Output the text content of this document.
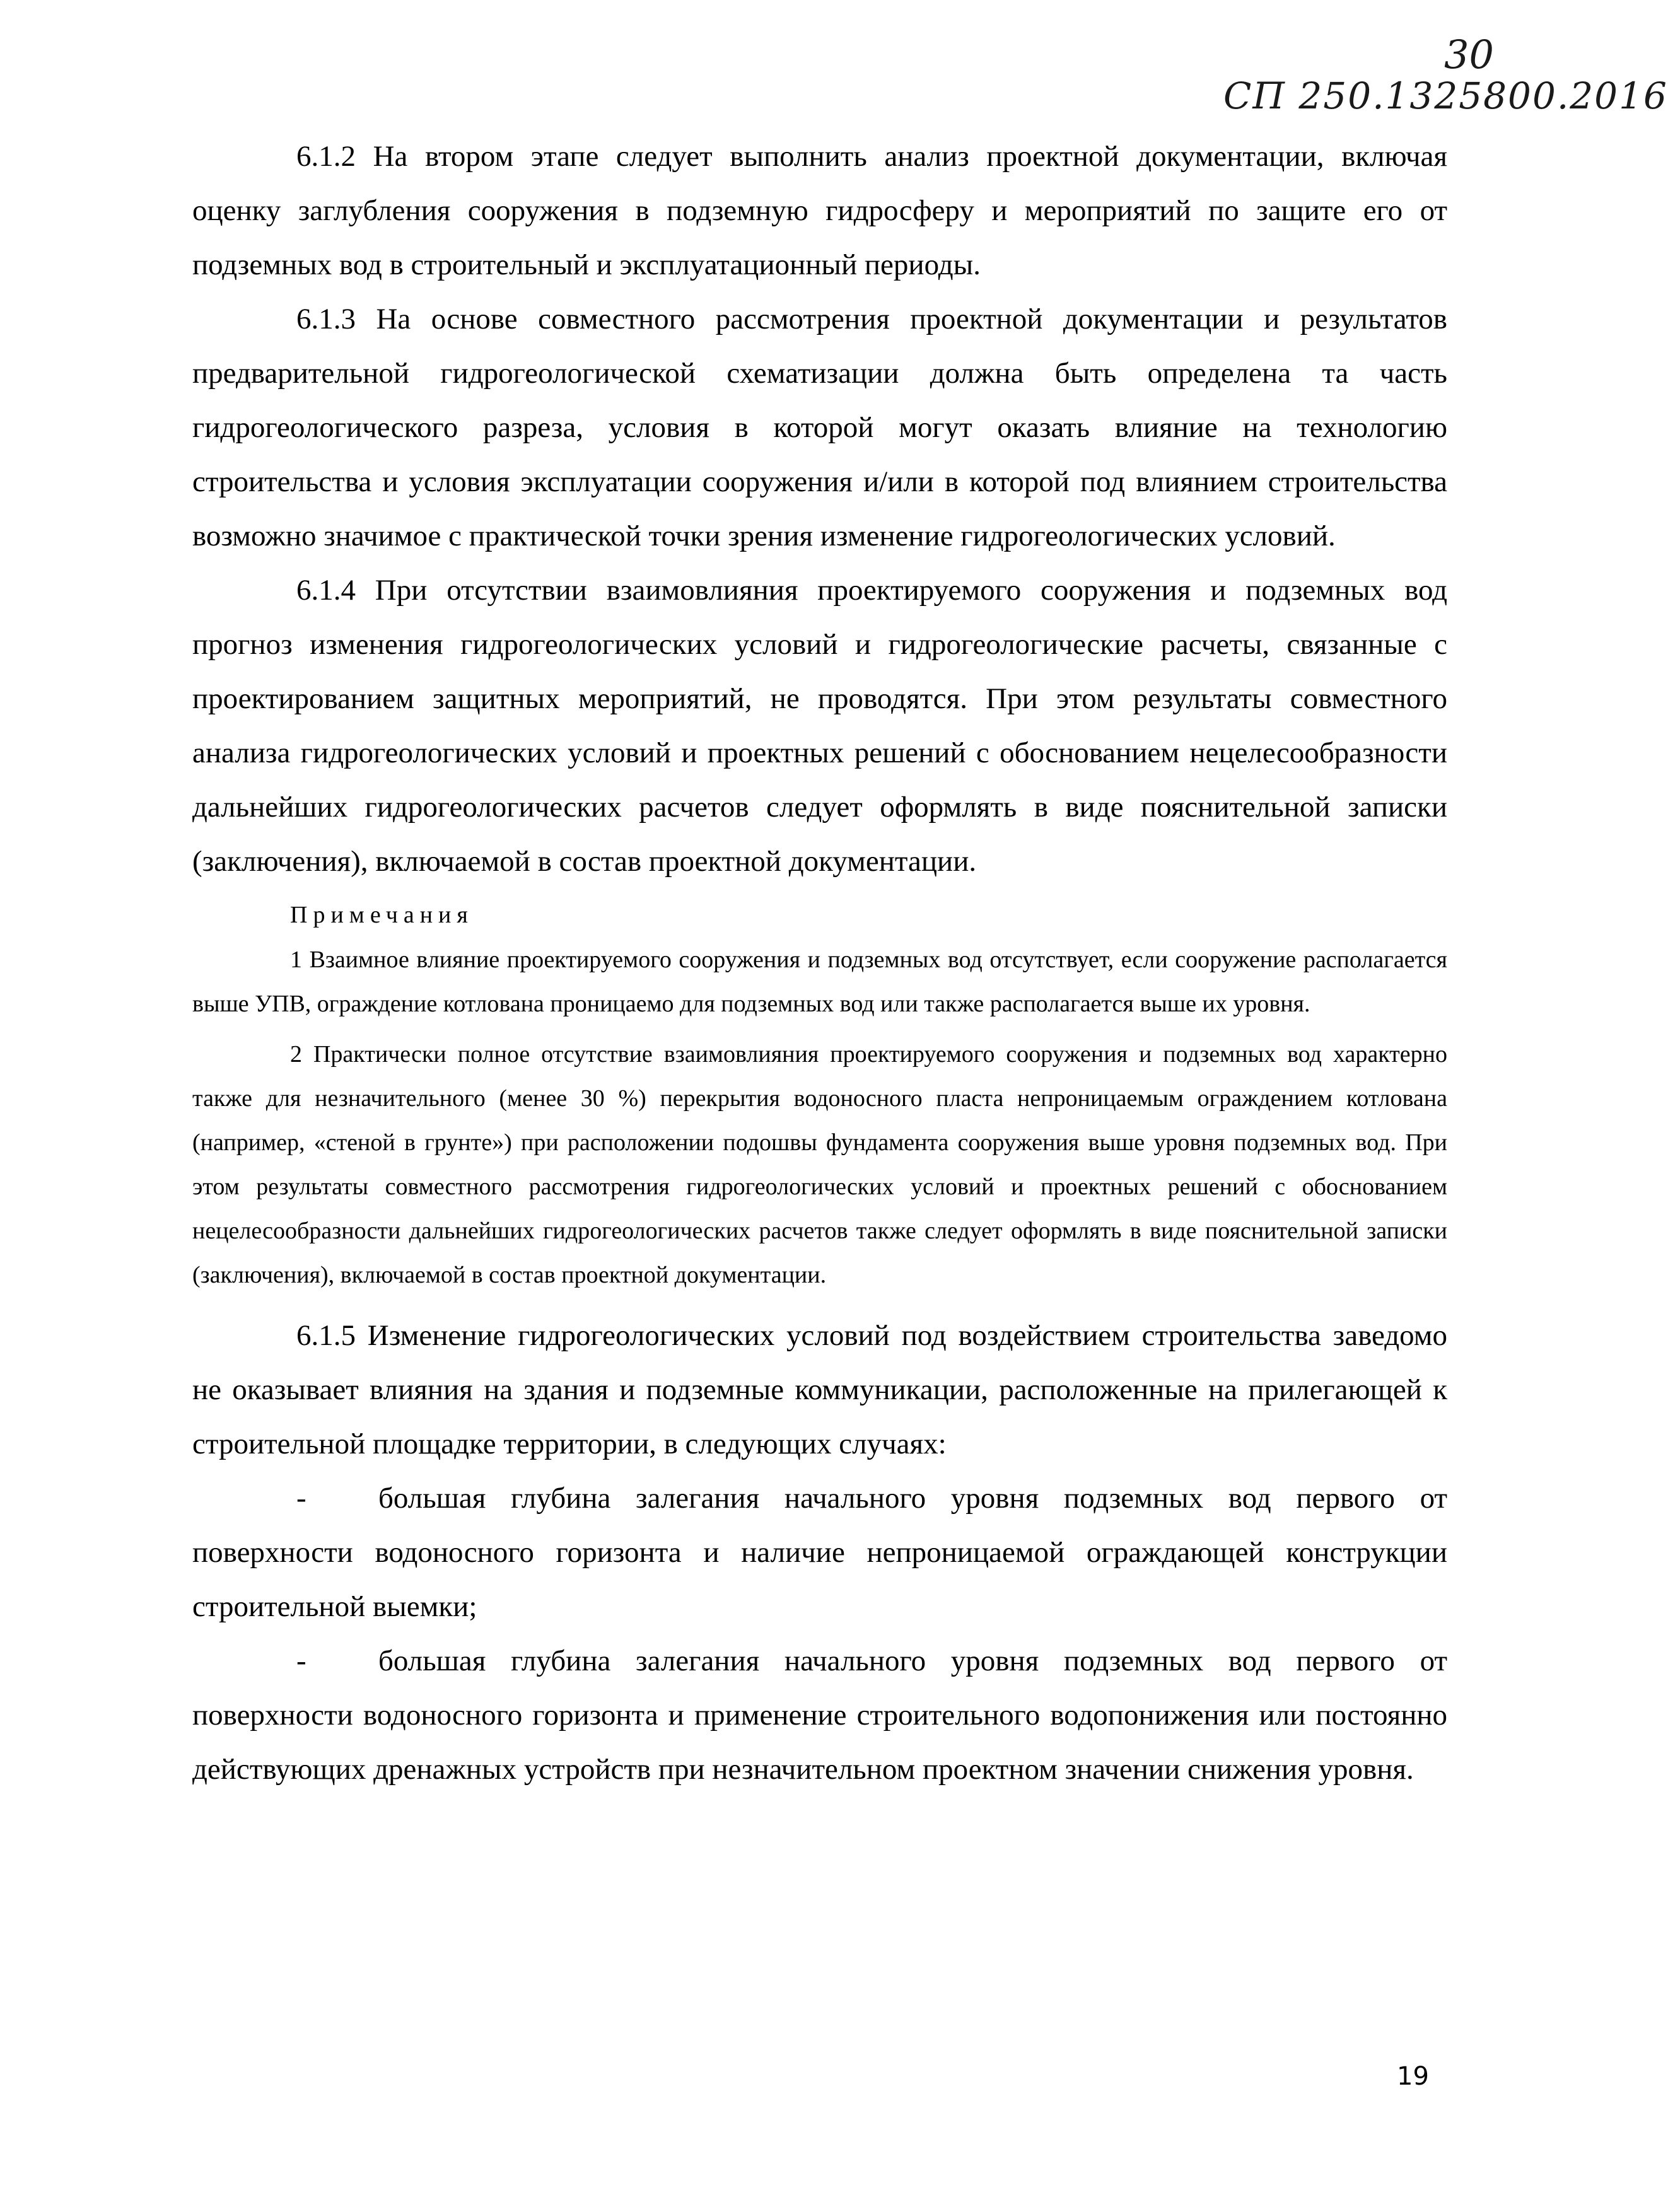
30
СП 250.1325800.2016

6.1.2 На втором этапе следует выполнить анализ проектной документации, включая оценку заглубления сооружения в подземную гидросферу и мероприятий по защите его от подземных вод в строительный и эксплуатационный периоды.

6.1.3 На основе совместного рассмотрения проектной документации и результатов предварительной гидрогеологической схематизации должна быть определена та часть гидрогеологического разреза, условия в которой могут оказать влияние на технологию строительства и условия эксплуатации сооружения и/или в которой под влиянием строительства возможно значимое с практической точки зрения изменение гидрогеологических условий.

6.1.4 При отсутствии взаимовлияния проектируемого сооружения и подземных вод прогноз изменения гидрогеологических условий и гидрогеологические расчеты, связанные с проектированием защитных мероприятий, не проводятся. При этом результаты совместного анализа гидрогеологических условий и проектных решений с обоснованием нецелесообразности дальнейших гидрогеологических расчетов следует оформлять в виде пояснительной записки (заключения), включаемой в состав проектной документации.

Примечания

1 Взаимное влияние проектируемого сооружения и подземных вод отсутствует, если сооружение располагается выше УПВ, ограждение котлована проницаемо для подземных вод или также располагается выше их уровня.

2 Практически полное отсутствие взаимовлияния проектируемого сооружения и подземных вод характерно также для незначительного (менее 30 %) перекрытия водоносного пласта непроницаемым ограждением котлована (например, «стеной в грунте») при расположении подошвы фундамента сооружения выше уровня подземных вод. При этом результаты совместного рассмотрения гидрогеологических условий и проектных решений с обоснованием нецелесообразности дальнейших гидрогеологических расчетов также следует оформлять в виде пояснительной записки (заключения), включаемой в состав проектной документации.

6.1.5 Изменение гидрогеологических условий под воздействием строительства заведомо не оказывает влияния на здания и подземные коммуникации, расположенные на прилегающей к строительной площадке территории, в следующих случаях:

- большая глубина залегания начального уровня подземных вод первого от поверхности водоносного горизонта и наличие непроницаемой ограждающей конструкции строительной выемки;

- большая глубина залегания начального уровня подземных вод первого от поверхности водоносного горизонта и применение строительного водопонижения или постоянно действующих дренажных устройств при незначительном проектном значении снижения уровня.

19
